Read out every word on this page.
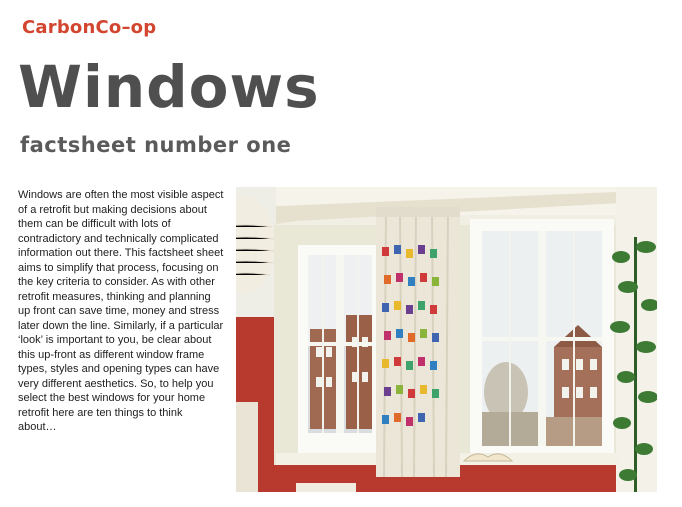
CarbonCo–op
Windows
factsheet number one

Windows are often the most visible aspect of a retrofit but making decisions about them can be difficult with lots of contradictory and technically complicated information out there. This factsheet sheet aims to simplify that process, focusing on the key criteria to consider. As with other retrofit measures, thinking and planning up front can save time, money and stress later down the line. Similarly, if a particular ‘look’ is important to you, be clear about this up-front as different window frame types, styles and opening types can have very different aesthetics. So, to help you select the best windows for your home retrofit here are ten things to think about…
